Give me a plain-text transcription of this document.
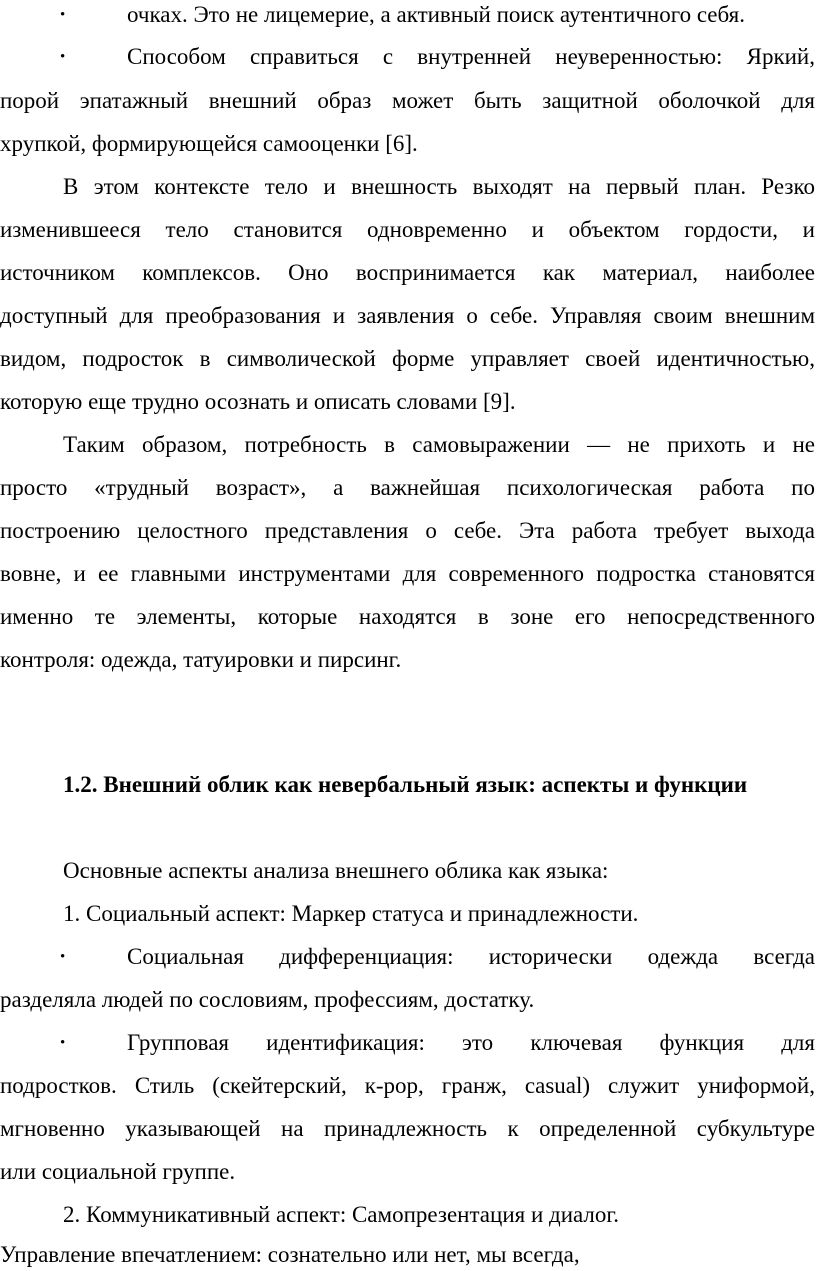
•	очках. Это не лицемерие, а активный поиск аутентичного себя.
•	Способом справиться с внутренней неуверенностью: Яркий,
порой эпатажный внешний образ может быть защитной оболочкой для
хрупкой, формирующейся самооценки [6].
В этом контексте тело и внешность выходят на первый план. Резко
изменившееся тело становится одновременно и объектом гордости, и
источником комплексов. Оно воспринимается как материал, наиболее
доступный для преобразования и заявления о себе. Управляя своим внешним
видом, подросток в символической форме управляет своей идентичностью,
которую еще трудно осознать и описать словами [9].
Таким образом, потребность в самовыражении — не прихоть и не
просто «трудный возраст», а важнейшая психологическая работа по
построению целостного представления о себе. Эта работа требует выхода
вовне, и ее главными инструментами для современного подростка становятся
именно те элементы, которые находятся в зоне его непосредственного
контроля: одежда, татуировки и пирсинг.
1.2. Внешний облик как невербальный язык: аспекты и функции
Основные аспекты анализа внешнего облика как языка:
1. Социальный аспект: Маркер статуса и принадлежности.
•	Социальная дифференциация: исторически одежда всегда
разделяла людей по сословиям, профессиям, достатку.
•	Групповая идентификация: это ключевая функция для
подростков. Стиль (скейтерский, к-pop, гранж, casual) служит униформой,
мгновенно указывающей на принадлежность к определенной субкультуре
или социальной группе.
2. Коммуникативный аспект: Самопрезентация и диалог.
Управление впечатлением: сознательно или нет, мы всегда,
